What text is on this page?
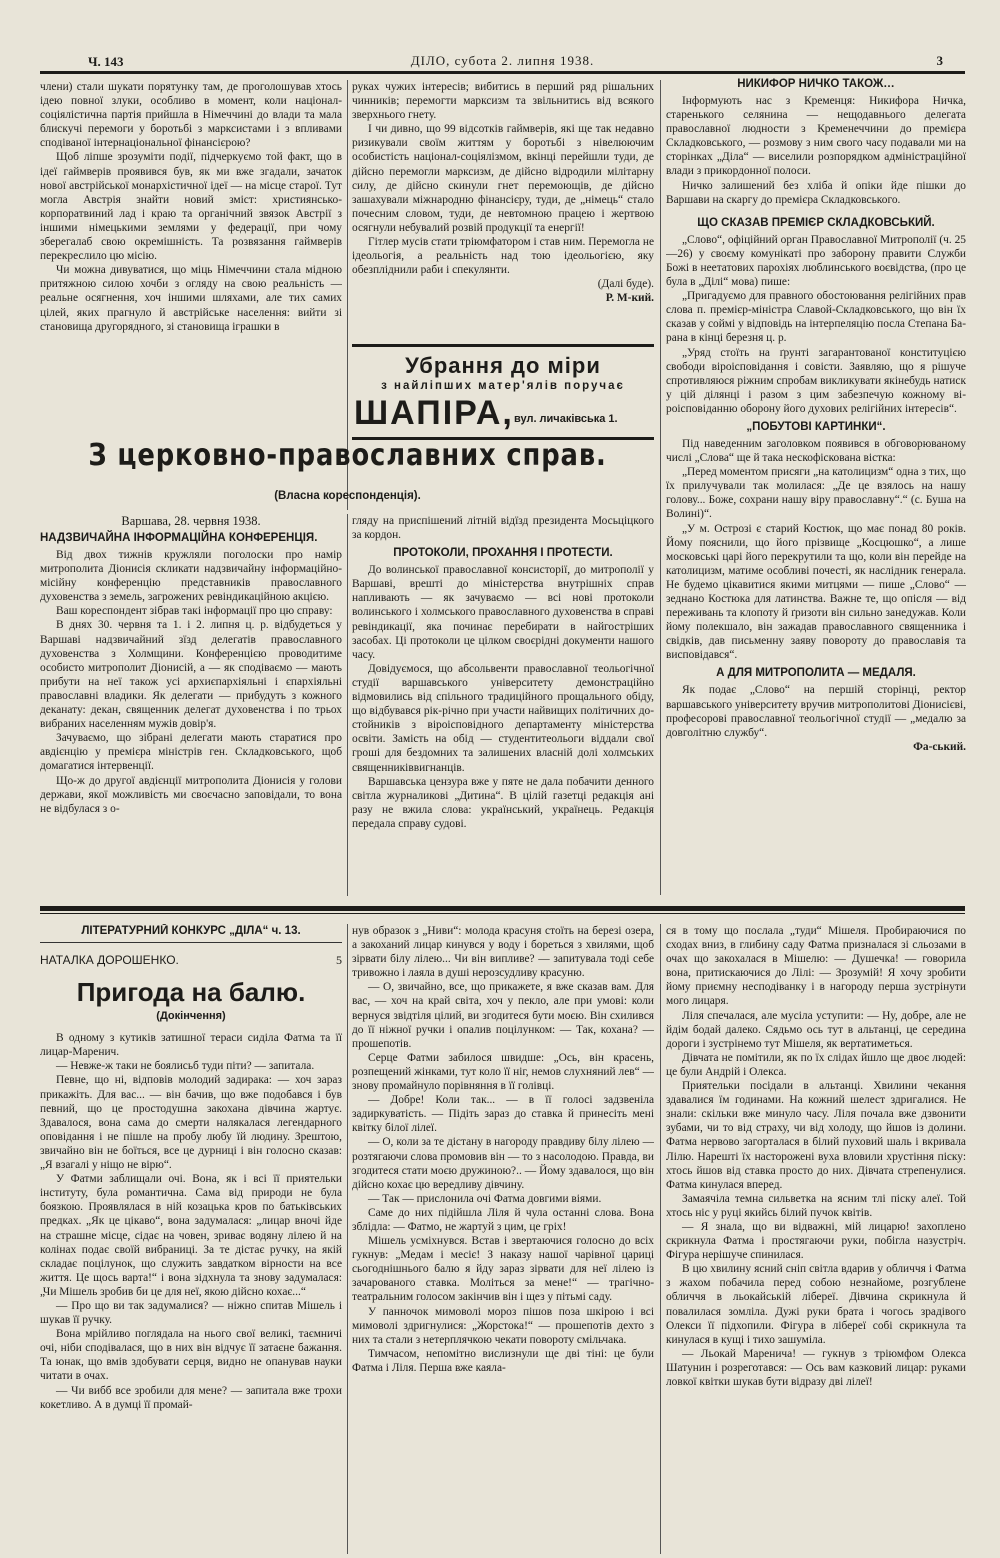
Ч. 143	ДІЛО, субота 2. липня 1938.	3

члени) стали шукати порятунку там, де проголошував хтось ідею повної злуки, особливо в момент, коли націонал-соціялістична партія прийшла в Німеччині до влади та мала блискучі перемоги у боротьбі з марксистами і з впливами сподіваної інтернаціональної фінансієрою?

Щоб ліпше зрозуміти події, підчеркуємо той факт, що в ідеї гаймверів проявився був, як ми вже згадали, зачаток нової австрійської монархістичної ідеї — на місце старої. Тут могла Австрія знайти новий зміст: християнсько-корпоратвиний лад і краю та органічний звязок Австрії з іншими німецькими землями у федерації, при чому зберегалаб свою окремішність. Та розвязання гаймверів перекреслило цю місію.

Чи можна дивуватися, що міць Німеччини стала мідною притяжною силою хочби з огляду на свою реальність — реальне осягнення, хоч іншими шляхами, але тих самих цілей, яких прагнуло й австрійське населення: вийти зі становища другорядного, зі становища іграшки в

руках чужих інтересів; вибитись в перший ряд рішальних чинників; перемогти марксизм та звільнитись від всякого зверхнього гнету.

І чи дивно, що 99 відсотків гаймверів, які ще так недавно ризикували своїм життям у боротьбі з нівелюючим особистість націонал-соціялізмом, вкінці перейшли туди, де дійсно перемогли марксизм, де дійсно відродили мілітарну силу, де дійсно скинули гнет перемоющів, де дійсно зашахували міжнародню фінансієру, туди, де „німець“ стало почесним словом, туди, де невтомною працею і жертвою осягнули небувалий розвій продукції та енергії!

Гітлер мусів стати тріюмфатором і став ним. Перемогла не ідеольогія, а реальність над тою ідеольогією, яку обезпліднили раби і спекулянти.

(Далі буде).

Р. М-кий.

Убрання до міри
з найліпших матер'ялів поручає
ШАПІРА, вул. личаківська 1.
НИКИФОР НИЧКО ТАКОЖ…

Інформують нас з Кременця: Никифора Ничка, старенького селянина — нещодавнього делегата православної людности з Кременеччини до премієра Складковського, — розмову з ним свого часу подавали ми на сторінках „Діла“ — виселили розпорядком адміністраційної влади з прикордонної полоси.

Ничко залишений без хліба й опіки йде пішки до Варшави на скаргу до премієра Складковського.

ЩО СКАЗАВ ПРЕМІЄР СКЛАДКОВСЬКИЙ.

„Слово“, офіційний орган Православної Митрополії (ч. 25—26) у своєму комунікаті про заборону правити Служби Божі в неетатових парохіях люблинського воєвідства, (про це була в „Ділі“ мова) пише:

„Пригадуємо для правного обостоювання релігійних прав слова п. премієр-міністра Славой-Складковського, що він їх сказав у соймі у відповідь на інтерпеляцію посла Степана Барана в кінці березня ц. р.

„Уряд стоїть на ґрунті загарантованої конституцією свободи віроісповідання і совісти. Заявляю, що я рішуче спротивляюся ріжним спробам викликувати якінебудь натиск у цій ділянці і разом з цим забезпечую кожному віроісповіданню оборону його духових релігійних інтересів“.

„ПОБУТОВІ КАРТИНКИ“.

Під наведенним заголовком появився в обговорюваному числі „Слова“ ще й така нескофіскована вістка:

„Перед моментом присяги „на католицизм“ одна з тих, що їх прилучували так молилася: „Де це взялось на нашу голову... Боже, сохрани нашу віру православну“.“ (с. Буша на Волині)“.

„У м. Острозі є старий Костюк, що має понад 80 років. Йому пояснили, що його прізвище „Косцюшко“, а лише московські царі його перекрутили та що, коли він перейде на католицизм, матиме особливі почесті, як наслідник генерала. Не будемо цікавитися якими митцями — пише „Слово“ — зеднано Костюка для латинства. Важне те, що опісля — від переживань та клопоту й ґризоти він сильно занедужав. Коли йому полекшало, він зажадав православного священника і свідків, дав письменну заяву повороту до православія та висповідався“.

А ДЛЯ МИТРОПОЛИТА — МЕДАЛЯ.

Як подає „Слово“ на першій сторінці, ректор варшавського університету вручив митрополитові Діонисієві, професорові православної теольогічної студії — „медалю за довголітню службу“.

Фа-ський.

З церковно-православних справ.
(Власна кореспонденція).
Варшава, 28. червня 1938.
НАДЗВИЧАЙНА ІНФОРМАЦІЙНА КОНФЕРЕНЦІЯ.

Від двох тижнів кружляли поголоски про намір митрополита Діонисія скликати надзвичайну інформаційно-місійну конференцію представників православного духовенства з земель, загрожених ревіндикаційною акцією.

Ваш кореспондент зібрав такі інформації про цю справу:

В днях 30. червня та 1. і 2. липня ц. р. відбудеться у Варшаві надзвичайний зїзд делегатів православного духовенства з Холмщини. Конференцією проводитиме особисто митрополит Діонисій, а — як сподіваємо — мають прибути на неї також усі архиєпархіяльні і єпархіяльні православні владики. Як делегати — прибудуть з кожного деканату: декан, священник делегат духовенства і по трьох вибраних населенням мужів довір'я.

Зачуваємо, що зібрані делегати мають старатися про авдієнцію у премієра міністрів ген. Складковського, щоб домагатися інтервенції.

Що-ж до другої авдієнції митрополита Діонисія у голови держави, якої можливість ми своєчасно заповідали, то вона не відбулася з о-

гляду на приспішений літній відїзд президента Мосьціцкого за кордон.

ПРОТОКОЛИ, ПРОХАННЯ І ПРОТЕСТИ.

До волинської православної консисторії, до митрополії у Варшаві, врешті до міністерства внутрішніх справ напливають — як зачуваємо — всі нові протоколи волинського і холмського православного духовенства в справі ревіндикації, яка починає перебирати в найгостріших засобах. Ці протоколи це цілком своєрідні документи нашого часу.

Довідуємося, що абсольвенти православної теольогічної студії варшавського університету демонстраційно відмовились від спільного традиційного прощального обіду, що відбувався рік-річно при участи найвищих політичних достойників з віроісповідного департаменту міністерства освіти. Замість на обід — студентитеольоги віддали свої гроші для бездомних та залишених власній долі холмських священниківвигнанців.

Варшавська цензура вже у пяте не дала побачити денного світла журналикові „Дитина“. В цілій газетці редакція ані разу не вжила слова: український, українець. Редакція передала справу судові.

ЛІТЕРАТУРНИЙ КОНКУРС „ДІЛА“ ч. 13.
НАТАЛКА ДОРОШЕНКО.	5
Пригода на балю.
(Докінчення)

В одному з кутиків затишної тераси сиділа Фатма та її лицар-Маренич.

— Невже-ж таки не боялисьб туди піти? — запитала.

Певне, що ні, відповів молодий задирака: — хоч зараз прикажіть. Для вас... — він бачив, що вже подобався і був певний, що це простодушна закохана дівчина жартує. Здавалося, вона сама до смерти налякалася легендарного оповідання і не пішле на пробу любу їй людину. Зрештою, звичайно він не боїться, все це дурниці і він голосно сказав: „Я взагалі у ніщо не вірю“.

У Фатми заблищали очі. Вона, як і всі її приятельки інституту, була романтична. Сама від природи не була боязкою. Проявлялася в ній козацька кров по батьківських предках. „Як це цікаво“, вона задумалася: „лицар вночі йде на страшне місце, сідає на човен, зриває водяну лілею й на колінах подає своїй вибраниці. За те дістає ручку, на якій складає поцілунок, що служить завдатком вірности на все життя. Це щось варта!“ і вона зідхнула та знову задумалася: „Чи Мішель зробив би це для неї, якою дійсно кохає...“

— Про що ви так задумалися? — ніжно спитав Мішель і шукав її ручку.

Вона мрійливо поглядала на нього свої великі, таємничі очі, ніби сподівалася, що в них він відчує її затаєне бажання. Та юнак, що вмів здобувати серця, видно не опанував науки читати в очах.

— Чи вибб все зробили для мене? — запитала вже трохи кокетливо. А в думці її промай-

нув образок з „Ниви“: молода красуня стоїть на березі озера, а закоханий лицар кинувся у воду і бореться з хвилями, щоб зірвати білу лілею... Чи він випливе? — запитувала тоді себе тривожно і лаяла в душі нерозсудливу красуню.

— О, звичайно, все, що прикажете, я вже сказав вам. Для вас, — хоч на край світа, хоч у пекло, але при умові: коли вернуся звідтіля цілий, ви згодитеся бути моєю. Він схилився до її ніжної ручки і опалив поцілунком: — Так, кохана? — прошепотів.

Серце Фатми забилося швидше: „Ось, він красень, розпещений жінками, тут коло її ніг, немов слухняний лев“ — знову промайнуло порівняння в її голівці.

— Добре! Коли так... — в її голосі задзвеніла задиркуватість. — Підіть зараз до ставка й принесіть мені квітку білої лілеї.

— О, коли за те дістану в нагороду правдиву білу лілею — розтягаючи слова промовив він — то з насолодою. Правда, ви згодитеся стати моєю дружиною?.. — Йому здавалося, що він дійсно кохає цю вередливу дівчину.

— Так — прислонила очі Фатма довгими віями.

Саме до них підійшла Ліля й чула останні слова. Вона зблідла: — Фатмо, не жартуй з цим, це гріх!

Мішель усміхнувся. Встав і звертаючися голосно до всіх гукнув: „Медам і месіє! З наказу нашої чарівної цариці сьогоднішнього балю я йду зараз зірвати для неї лілею із зачарованого ставка. Моліться за мене!“ — трагічно-театральним голосом закінчив він і щез у пітьмі саду.

У панночок мимоволі мороз пішов поза шкірою і всі мимоволі здригнулися: „Жорстока!“ — прошепотів дехто з них та стали з нетерплячкою чекати повороту смільчака.

Тимчасом, непомітно вислизнули ще дві тіні: це були Фатма і Ліля. Перша вже каяла-

ся в тому що послала „туди“ Мішеля. Пробираючися по сходах вниз, в глибину саду Фатма призналася зі сльозами в очах що закохалася в Мішелю: — Душечка! — говорила вона, притискаючися до Лілі: — Зрозумій! Я хочу зробити йому приємну несподіванку і в нагороду перша зустрінути мого лицаря.

Ліля спечалася, але мусіла уступити: — Ну, добре, але не йдім бодай далеко. Сядьмо ось тут в альтанці, це середина дороги і зустрінемо тут Мішеля, як вертатиметься.

Дівчата не помітили, як по їх слідах йшло ще двоє людей: це були Андрій і Олекса.

Приятельки посідали в альтанці. Хвилини чекання здавалися їм годинами. На кожний шелест здригалися. Не знали: скільки вже минуло часу. Ліля почала вже дзвонити зубами, чи то від страху, чи від холоду, що йшов із долини. Фатма нервово загорталася в білий пуховий шаль і вкривала Лілю. Нарешті їх насторожені вуха вловили хрустіння піску: хтось йшов від ставка просто до них. Дівчата стрепенулися. Фатма кинулася вперед.

Замаячіла темна сильветка на ясним тлі піску алеї. Той хтось ніс у руці якийсь білий пучок квітів.

— Я знала, що ви відважні, мій лицарю! захоплено скрикнула Фатма і простягаючи руки, побігла назустріч. Фігура нерішуче спинилася.

В цю хвилину ясний сніп світла вдарив у обличчя і Фатма з жахом побачила перед собою незнайоме, розгублене обличчя в льокайській лібереї. Дівчина скрикнула й повалилася зомліла. Дужі руки брата і чогось зрадівого Олекси її підхопили. Фігура в лібереї собі скрикнула та кинулася в кущі і тихо зашуміла.

— Льокай Маренича! — гукнув з тріюмфом Олекса Шатунин і розреготався: — Ось вам казковий лицар: руками ловкої квітки шукав бути відразу дві лілеї!
